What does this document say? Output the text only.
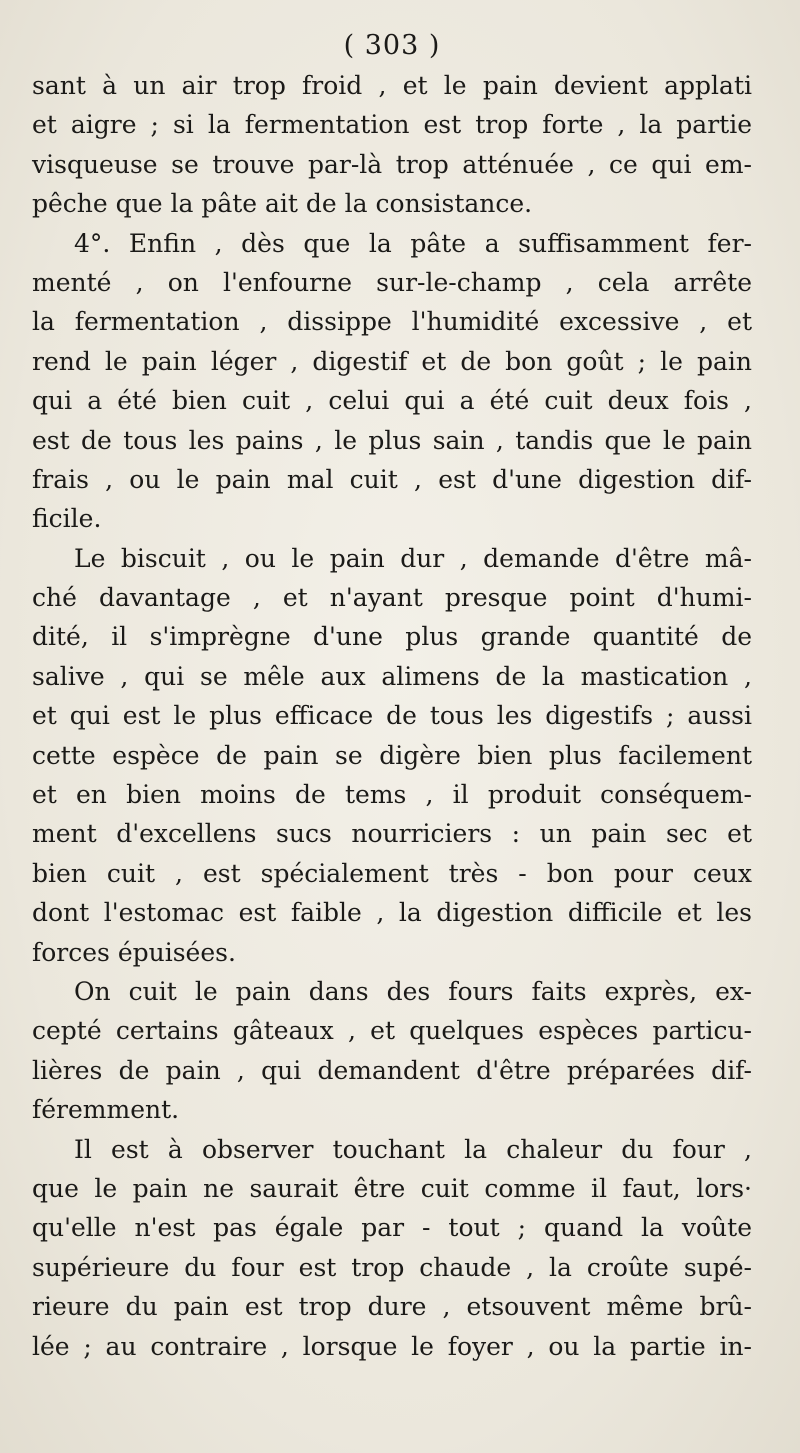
( 303 )
sant à un air trop froid , et le pain devient applati
et aigre ; si la fermentation est trop forte , la partie
visqueuse se trouve par-là trop atténuée , ce qui em-
pêche que la pâte ait de la consistance.
4°. Enfin , dès que la pâte a suffisamment fer-
menté , on l'enfourne sur-le-champ , cela arrête
la fermentation , dissippe l'humidité excessive , et
rend le pain léger , digestif et de bon goût ; le pain
qui a été bien cuit , celui qui a été cuit deux fois ,
est de tous les pains , le plus sain , tandis que le pain
frais , ou le pain mal cuit , est d'une digestion dif-
ficile.
Le biscuit , ou le pain dur , demande d'être mâ-
ché davantage , et n'ayant presque point d'humi-
dité, il s'imprègne d'une plus grande quantité de
salive , qui se mêle aux alimens de la mastication ,
et qui est le plus efficace de tous les digestifs ; aussi
cette espèce de pain se digère bien plus facilement
et en bien moins de tems , il produit conséquem-
ment d'excellens sucs nourriciers : un pain sec et
bien cuit , est spécialement très - bon pour ceux
dont l'estomac est faible , la digestion difficile et les
forces épuisées.
On cuit le pain dans des fours faits exprès, ex-
cepté certains gâteaux , et quelques espèces particu-
lières de pain , qui demandent d'être préparées dif-
féremment.
Il est à observer touchant la chaleur du four ,
que le pain ne saurait être cuit comme il faut, lors·
qu'elle n'est pas égale par - tout ; quand la voûte
supérieure du four est trop chaude , la croûte supé-
rieure du pain est trop dure , etsouvent même brû-
lée ; au contraire , lorsque le foyer , ou la partie in-
